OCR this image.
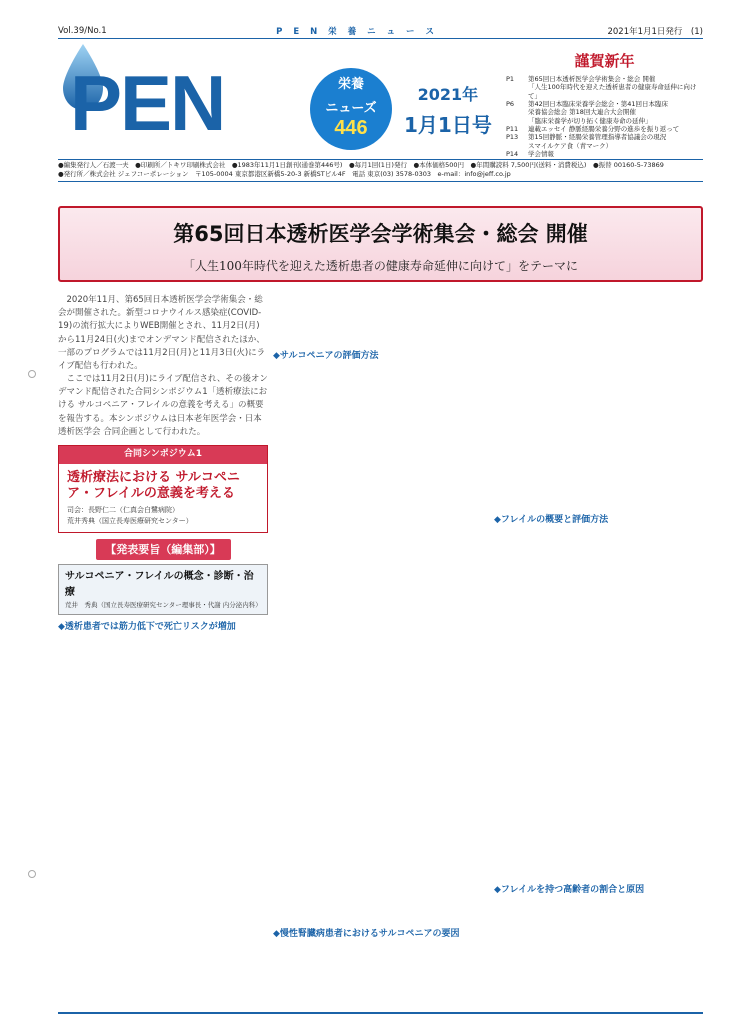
Vol.39/No.1	P E N 栄 養 ニ ュ ー ス	2021年1月1日発行　(1)
PEN	栄養
ニューズ
446
2021年
1月1日号
謹賀新年
P1	第65回日本透析医学会学術集会・総会 開催
「人生100年時代を迎えた透析患者の健康寿命延伸に向けて」
P6	第42回日本臨床栄養学会総会・第41回日本臨床
栄養協会総会 第18回大連合大会開催
「臨床栄養学が切り拓く健康寿命の延伸」
P11	連載エッセイ 静脈経腸栄養分野の進歩を振り返って
P13	第15回静脈・経腸栄養管理指導者協議会の現況
スマイルケア食（青マーク）
P14	学会情報
●編集発行人／石渡一夫　●印刷所／トキワ印刷株式会社　●1983年11月1日創刊(通巻第446号)　●毎月1回(1日)発行　●本体価格500円　●年間購読料 7,500円(送料・消費税込)　●振替 00160-5-73869
●発行所／株式会社 ジェフコーポレーション　〒105-0004 東京都港区新橋5-20-3 新橋STビル4F　電話 東京(03) 3578-0303　e-mail：info@jeff.co.jp
第65回日本透析医学会学術集会・総会 開催
「人生100年時代を迎えた透析患者の健康寿命延伸に向けて」をテーマに

2020年11月、第65回日本透析医学会学術集会・総会が開催された。新型コロナウイルス感染症(COVID-19)の流行拡大によりWEB開催とされ、11月2日(月)から11月24日(火)までオンデマンド配信されたほか、一部のプログラムでは11月2日(月)と11月3日(火)にライブ配信も行われた。

ここでは11月2日(月)にライブ配信され、その後オンデマンド配信された合同シンポジウム1「透析療法における サルコペニア・フレイルの意義を考える」の概要を報告する。本シンポジウムは日本老年医学会・日本透析医学会 合同企画として行われた。

合同シンポジウム1
透析療法における サルコペニア・フレイルの意義を考える
司会：長野仁二（仁真会白鷺病院）
荒井秀典（国立長寿医療研究センター）
【発表要旨（編集部）】
サルコペニア・フレイルの概念・診断・治療
荒井　秀典（国立長寿医療研究センター理事長・代謝 内分泌内科）
◆透析患者では筋力低下で死亡リスクが増加
◆サルコペニアの評価方法
◆慢性腎臓病患者におけるサルコペニアの要因
◆フレイルの概要と評価方法
◆フレイルを持つ高齢者の割合と原因
